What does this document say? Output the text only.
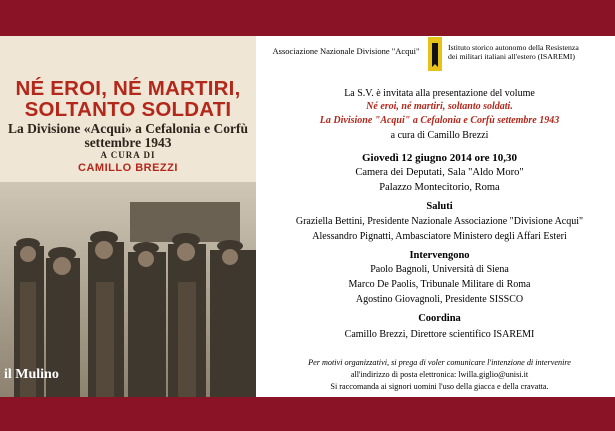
NÉ EROI, NÉ MARTIRI,
SOLTANTO SOLDATI
La Divisione «Acqui» a Cefalonia e Corfù
settembre 1943
A CURA DI
CAMILLO BREZZI
il Mulino
Associazione Nazionale Divisione "Acqui"	Istituto storico autonomo della Resistenza
dei militari italiani all'estero (ISAREMI)
La S.V. è invitata alla presentazione del volume
Né eroi, né martiri, soltanto soldati.
La Divisione "Acqui" a Cefalonia e Corfù settembre 1943
a cura di Camillo Brezzi
Giovedì 12 giugno 2014 ore 10,30
Camera dei Deputati, Sala "Aldo Moro"
Palazzo Montecitorio, Roma
Saluti
Graziella Bettini, Presidente Nazionale Associazione "Divisione Acqui"
Alessandro Pignatti, Ambasciatore Ministero degli Affari Esteri
Intervengono
Paolo Bagnoli, Università di Siena
Marco De Paolis, Tribunale Militare di Roma
Agostino Giovagnoli, Presidente SISSCO
Coordina
Camillo Brezzi, Direttore scientifico ISAREMI
Per motivi organizzativi, si prega di voler comunicare l'intenzione di intervenire
all'indirizzo di posta elettronica: lwilla.giglio@unisi.it
Si raccomanda ai signori uomini l'uso della giacca e della cravatta.
